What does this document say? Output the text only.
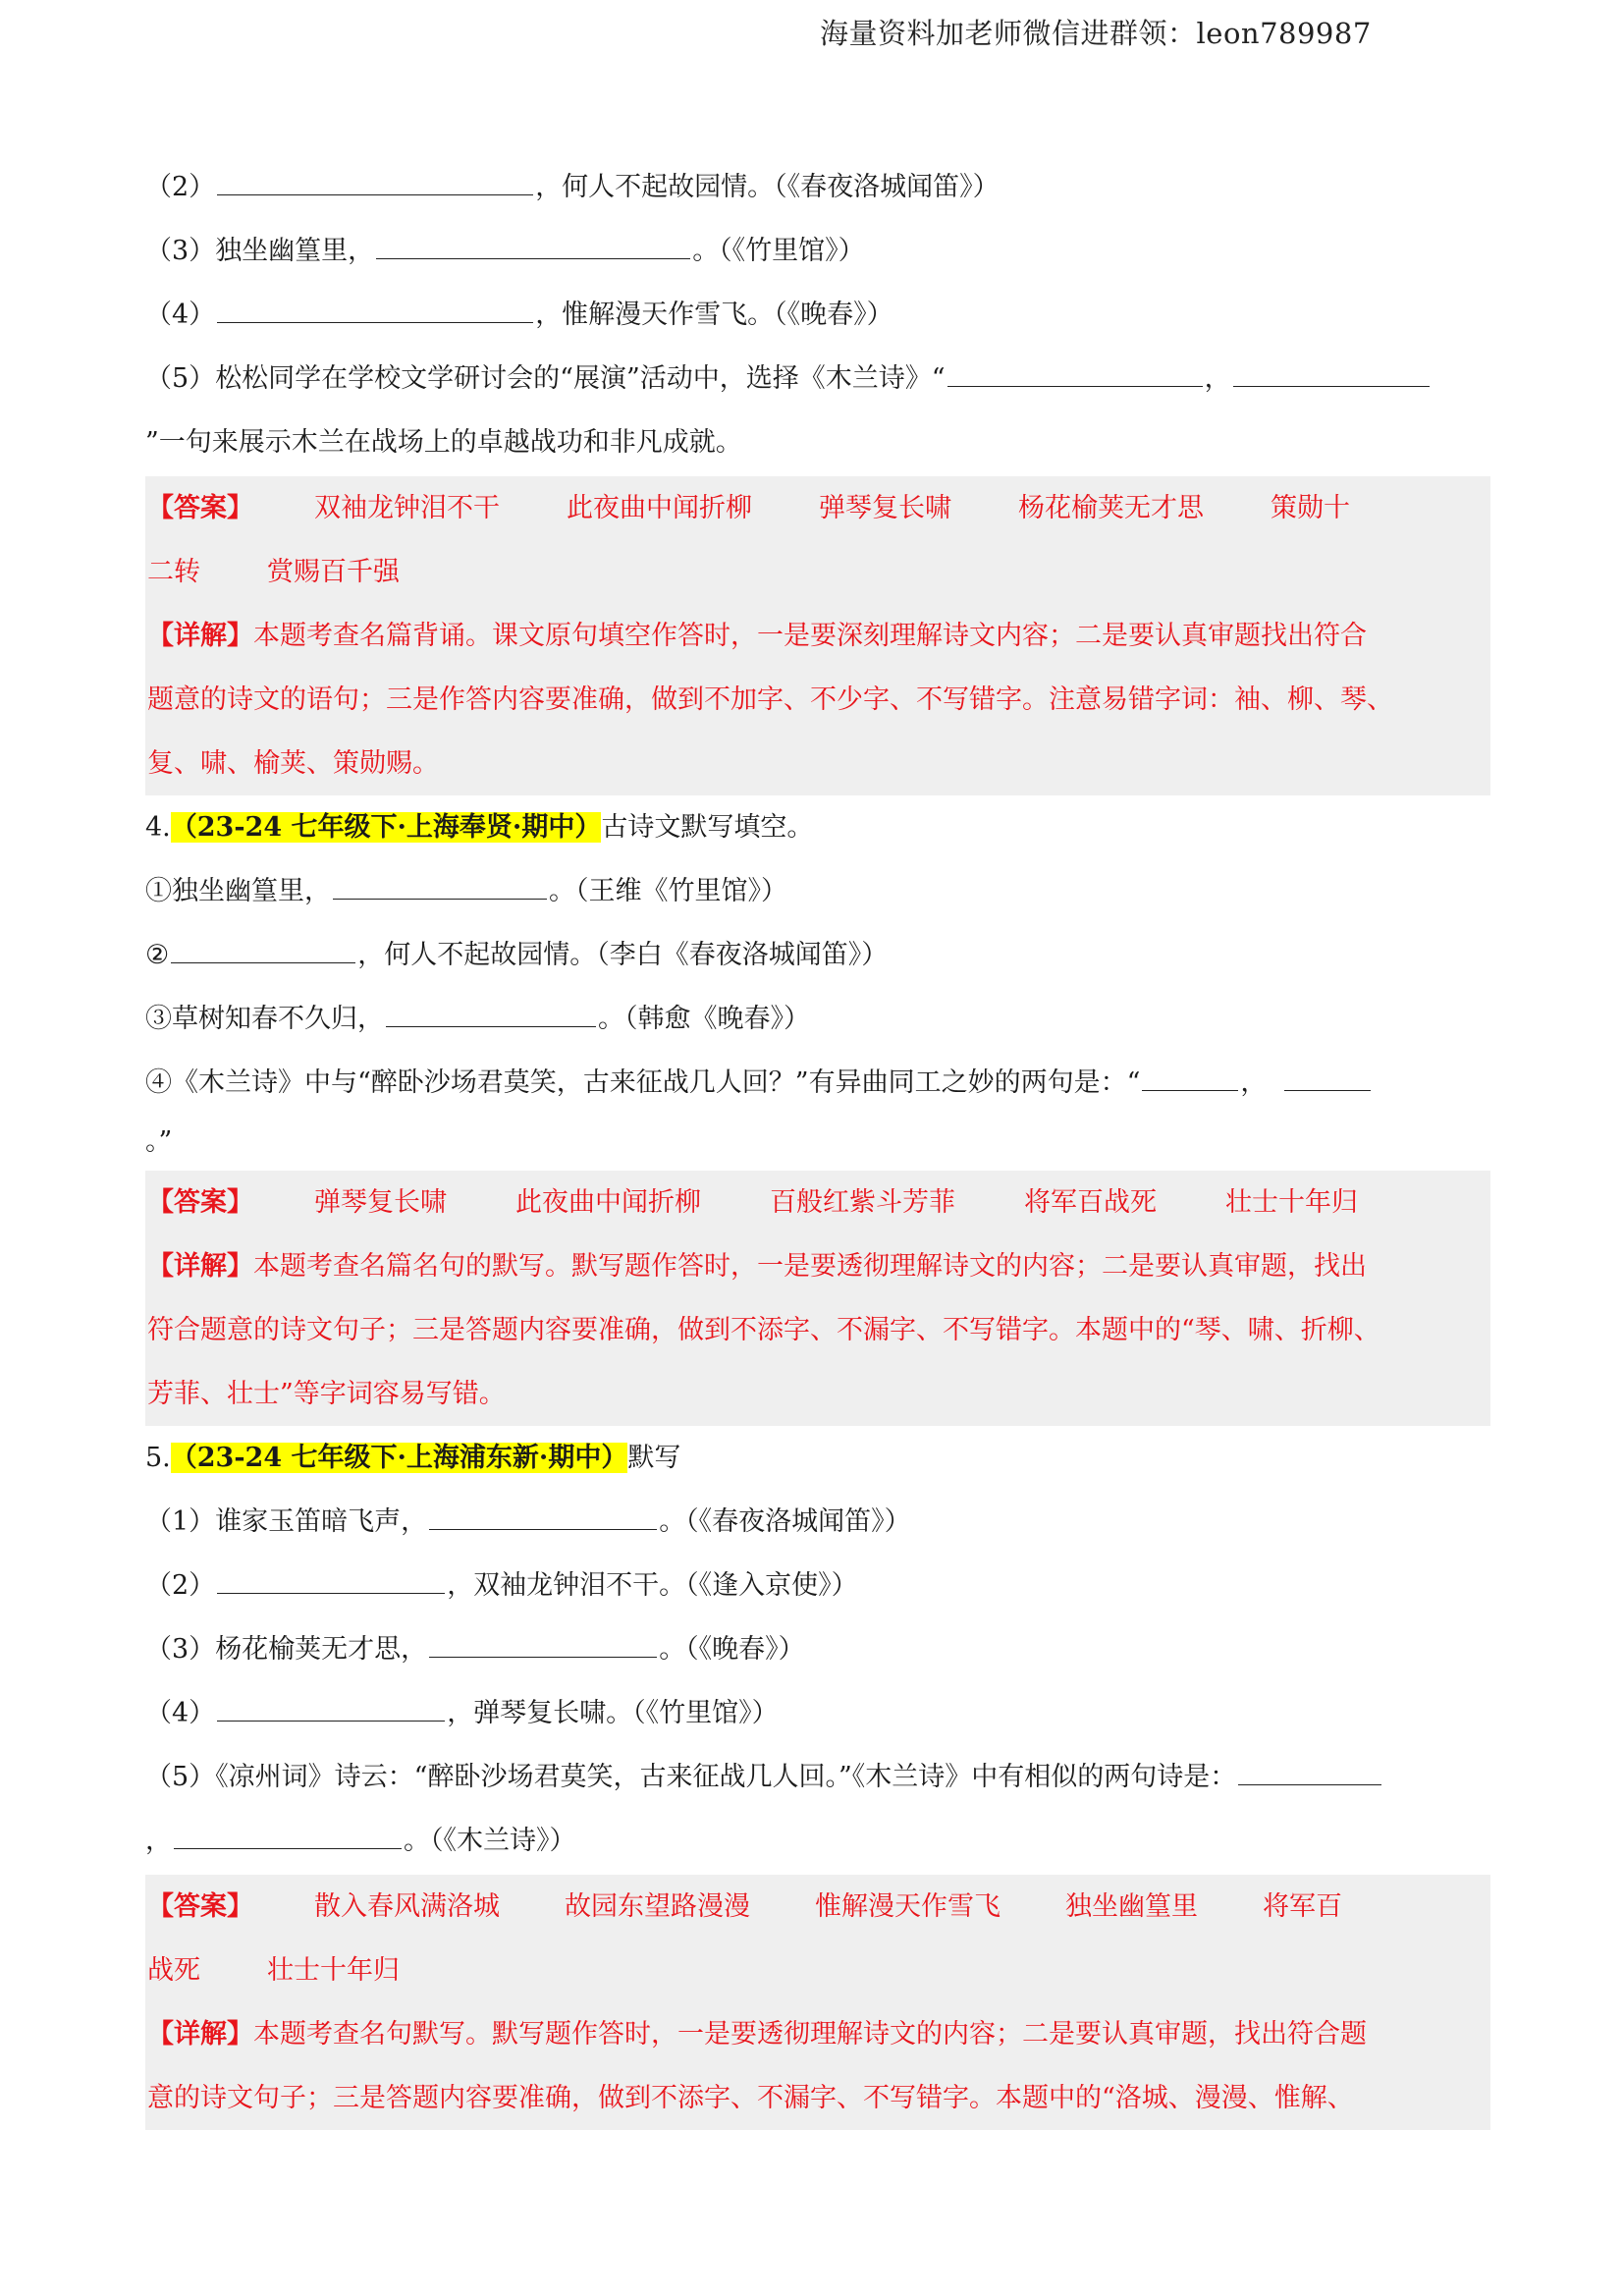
海量资料加老师微信进群领：leon789987
（2）	，何人不起故园情。（《春夜洛城闻笛》）
（3）独坐幽篁里，	。（《竹里馆》）
（4）	，惟解漫天作雪飞。（《晚春》）
（5）松松同学在学校文学研讨会的“展演”活动中，选择《木兰诗》“	，
”一句来展示木兰在战场上的卓越战功和非凡成就。
【答案】 双袖龙钟泪不干	此夜曲中闻折柳	弹琴复长啸	杨花榆荚无才思	策勋十
二转	赏赐百千强
【详解】本题考查名篇背诵。课文原句填空作答时，一是要深刻理解诗文内容；二是要认真审题找出符合
题意的诗文的语句；三是作答内容要准确，做到不加字、不少字、不写错字。注意易错字词：袖、柳、琴、
复、啸、榆荚、策勋赐。
4.（23-24 七年级下·上海奉贤·期中）古诗文默写填空。
①独坐幽篁里，	。（王维《竹里馆》）
②	，何人不起故园情。（李白《春夜洛城闻笛》）
③草树知春不久归，	。（韩愈《晚春》）
④《木兰诗》中与“醉卧沙场君莫笑，古来征战几人回？”有异曲同工之妙的两句是：“	，
。”
【答案】 弹琴复长啸	此夜曲中闻折柳	百般红紫斗芳菲	将军百战死	壮士十年归
【详解】本题考查名篇名句的默写。默写题作答时，一是要透彻理解诗文的内容；二是要认真审题，找出
符合题意的诗文句子；三是答题内容要准确，做到不添字、不漏字、不写错字。本题中的“琴、啸、折柳、
芳菲、壮士”等字词容易写错。
5.（23-24 七年级下·上海浦东新·期中）默写
（1）谁家玉笛暗飞声，	。（《春夜洛城闻笛》）
（2）	，双袖龙钟泪不干。（《逢入京使》）
（3）杨花榆荚无才思，	。（《晚春》）
（4）	，弹琴复长啸。（《竹里馆》）
（5）《凉州词》诗云：“醉卧沙场君莫笑，古来征战几人回。”《木兰诗》中有相似的两句诗是：
，	。（《木兰诗》）
【答案】 散入春风满洛城 故园东望路漫漫 惟解漫天作雪飞 独坐幽篁里 将军百
战死	壮士十年归
【详解】本题考查名句默写。默写题作答时，一是要透彻理解诗文的内容；二是要认真审题，找出符合题
意的诗文句子；三是答题内容要准确，做到不添字、不漏字、不写错字。本题中的“洛城、漫漫、惟解、
